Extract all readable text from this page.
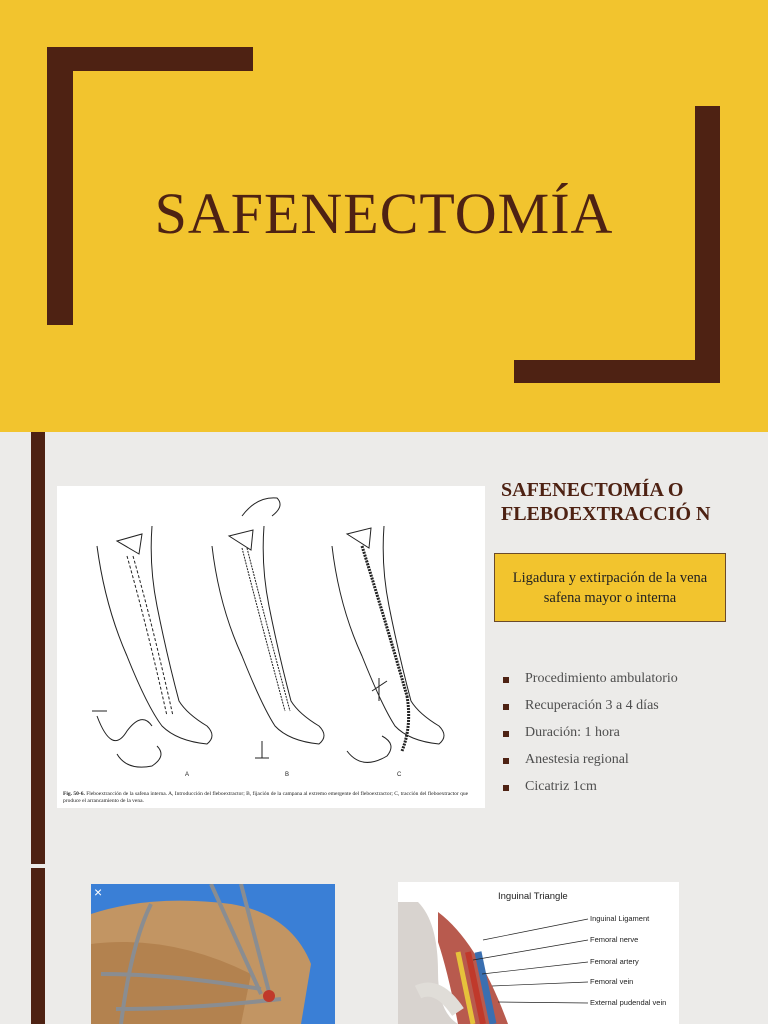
SAFENECTOMÍA
A	B	C
Fig. 50-6. Fleboextracción de la safena interna. A, Introducción del fleboextractor; B, fijación de la campana al extremo emergente del fleboextractor; C, tracción del fleboextractor que produce el arrancamiento de la vena.
SAFENECTOMÍA O FLEBOEXTRACCIÓ N
Ligadura y extirpación de la vena safena mayor o interna
Procedimiento ambulatorio
Recuperación 3 a 4 días
Duración: 1 hora
Anestesia regional
Cicatriz 1cm
×	Inguinal Triangle
Inguinal Ligament
Femoral nerve
Femoral artery
Femoral vein
External pudendal vein
